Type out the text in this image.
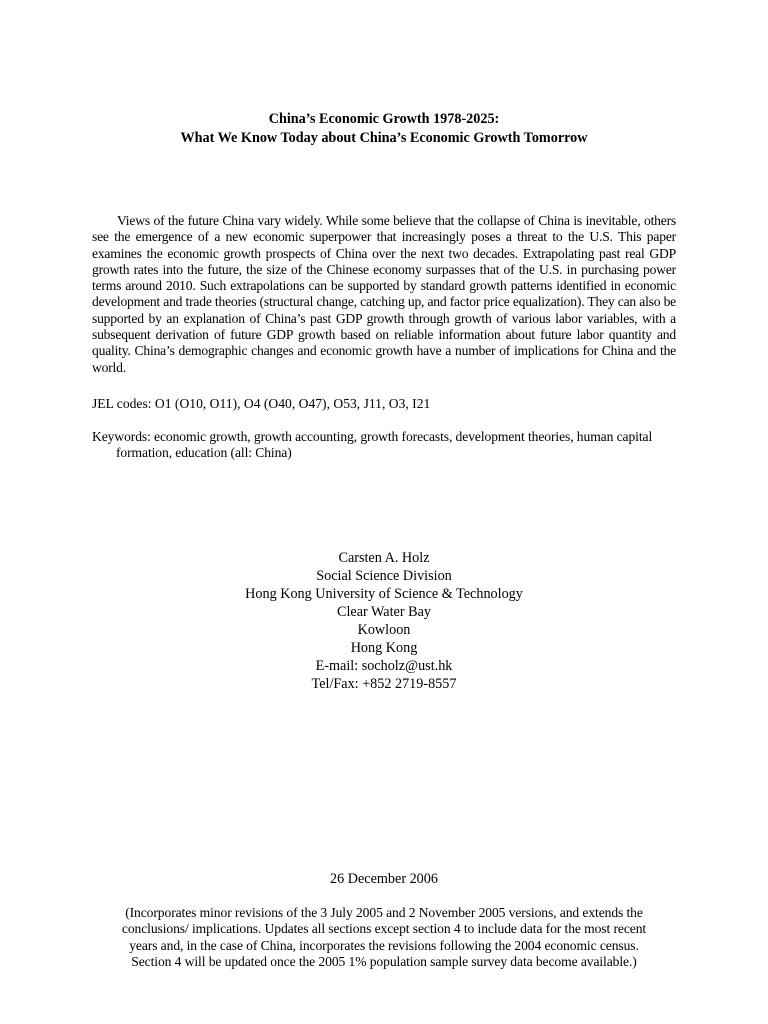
China’s Economic Growth 1978-2025:
What We Know Today about China’s Economic Growth Tomorrow

Views of the future China vary widely. While some believe that the collapse of China is inevitable, others see the emergence of a new economic superpower that increasingly poses a threat to the U.S. This paper examines the economic growth prospects of China over the next two decades. Extrapolating past real GDP growth rates into the future, the size of the Chinese economy surpasses that of the U.S. in purchasing power terms around 2010. Such extrapolations can be supported by standard growth patterns identified in economic development and trade theories (structural change, catching up, and factor price equalization). They can also be supported by an explanation of China’s past GDP growth through growth of various labor variables, with a subsequent derivation of future GDP growth based on reliable information about future labor quantity and quality. China’s demographic changes and economic growth have a number of implications for China and the world.

JEL codes: O1 (O10, O11), O4 (O40, O47), O53, J11, O3, I21
Keywords: economic growth, growth accounting, growth forecasts, development theories, human capital formation, education (all: China)
Carsten A. Holz
Social Science Division
Hong Kong University of Science & Technology
Clear Water Bay
Kowloon
Hong Kong
E-mail: socholz@ust.hk
Tel/Fax: +852 2719-8557
26 December 2006
(Incorporates minor revisions of the 3 July 2005 and 2 November 2005 versions, and extends the
conclusions/ implications. Updates all sections except section 4 to include data for the most recent
years and, in the case of China, incorporates the revisions following the 2004 economic census.
Section 4 will be updated once the 2005 1% population sample survey data become available.)
